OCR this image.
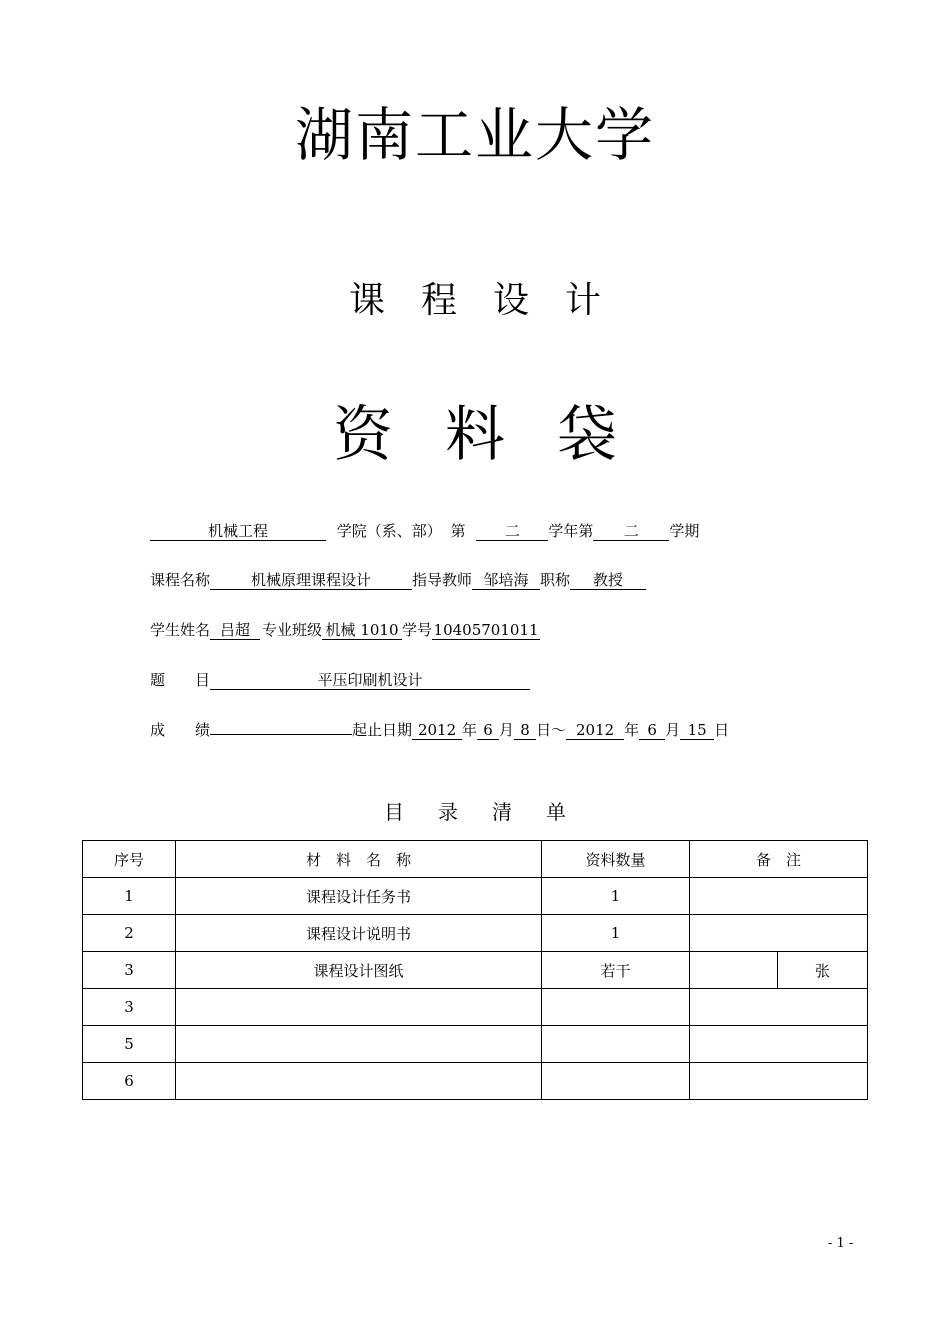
湖南工业大学
课 程 设 计
资 料 袋
机械工程	学院（系、部） 第	二 学年第 二 学期
课程名称	机械原理课程设计	指导教师 邹培海 职称 教授
学生姓名 吕超 专业班级 机械 1010 学号 10405701011
题　　目	平压印刷机设计
成　　绩	起止日期 2012 年 6 月 8 日～ 2012 年 6 月 15 日
目 录 清 单
序号	材　料　名　称	资料数量	备　注	
1	课程设计任务书	1		
2	课程设计说明书	1		
3	课程设计图纸	若干		张
3				
5				
6				
- 1 -
